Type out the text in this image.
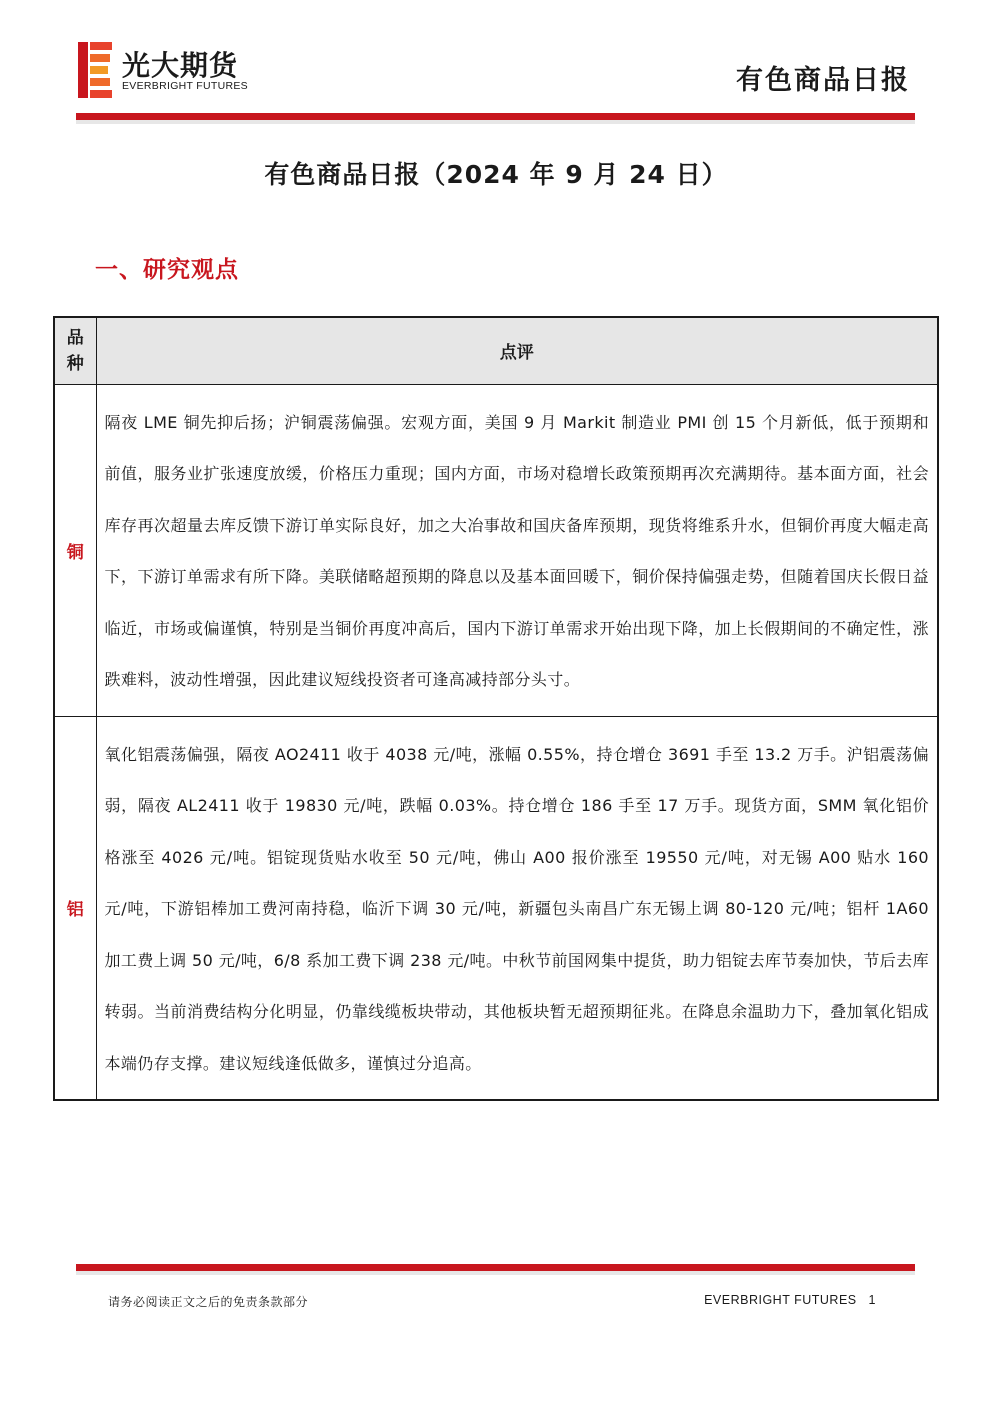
光大期货
EVERBRIGHT FUTURES	有色商品日报
有色商品日报（2024 年 9 月 24 日）
一、研究观点
品种	点评
铜	隔夜 LME 铜先抑后扬；沪铜震荡偏强。宏观方面，美国 9 月 Markit 制造业 PMI 创 15 个月新低，低于预期和前值，服务业扩张速度放缓，价格压力重现；国内方面，市场对稳增长政策预期再次充满期待。基本面方面，社会库存再次超量去库反馈下游订单实际良好，加之大冶事故和国庆备库预期，现货将维系升水，但铜价再度大幅走高下，下游订单需求有所下降。美联储略超预期的降息以及基本面回暖下，铜价保持偏强走势，但随着国庆长假日益临近，市场或偏谨慎，特别是当铜价再度冲高后，国内下游订单需求开始出现下降，加上长假期间的不确定性，涨跌难料，波动性增强，因此建议短线投资者可逢高减持部分头寸。
铝	氧化铝震荡偏强，隔夜 AO2411 收于 4038 元/吨，涨幅 0.55%，持仓增仓 3691 手至 13.2 万手。沪铝震荡偏弱，隔夜 AL2411 收于 19830 元/吨，跌幅 0.03%。持仓增仓 186 手至 17 万手。现货方面，SMM 氧化铝价格涨至 4026 元/吨。铝锭现货贴水收至 50 元/吨，佛山 A00 报价涨至 19550 元/吨，对无锡 A00 贴水 160 元/吨，下游铝棒加工费河南持稳，临沂下调 30 元/吨，新疆包头南昌广东无锡上调 80-120 元/吨；铝杆 1A60 加工费上调 50 元/吨，6/8 系加工费下调 238 元/吨。中秋节前国网集中提货，助力铝锭去库节奏加快，节后去库转弱。当前消费结构分化明显，仍靠线缆板块带动，其他板块暂无超预期征兆。在降息余温助力下，叠加氧化铝成本端仍存支撑。建议短线逢低做多，谨慎过分追高。
请务必阅读正文之后的免责条款部分	EVERBRIGHT FUTURES 1
